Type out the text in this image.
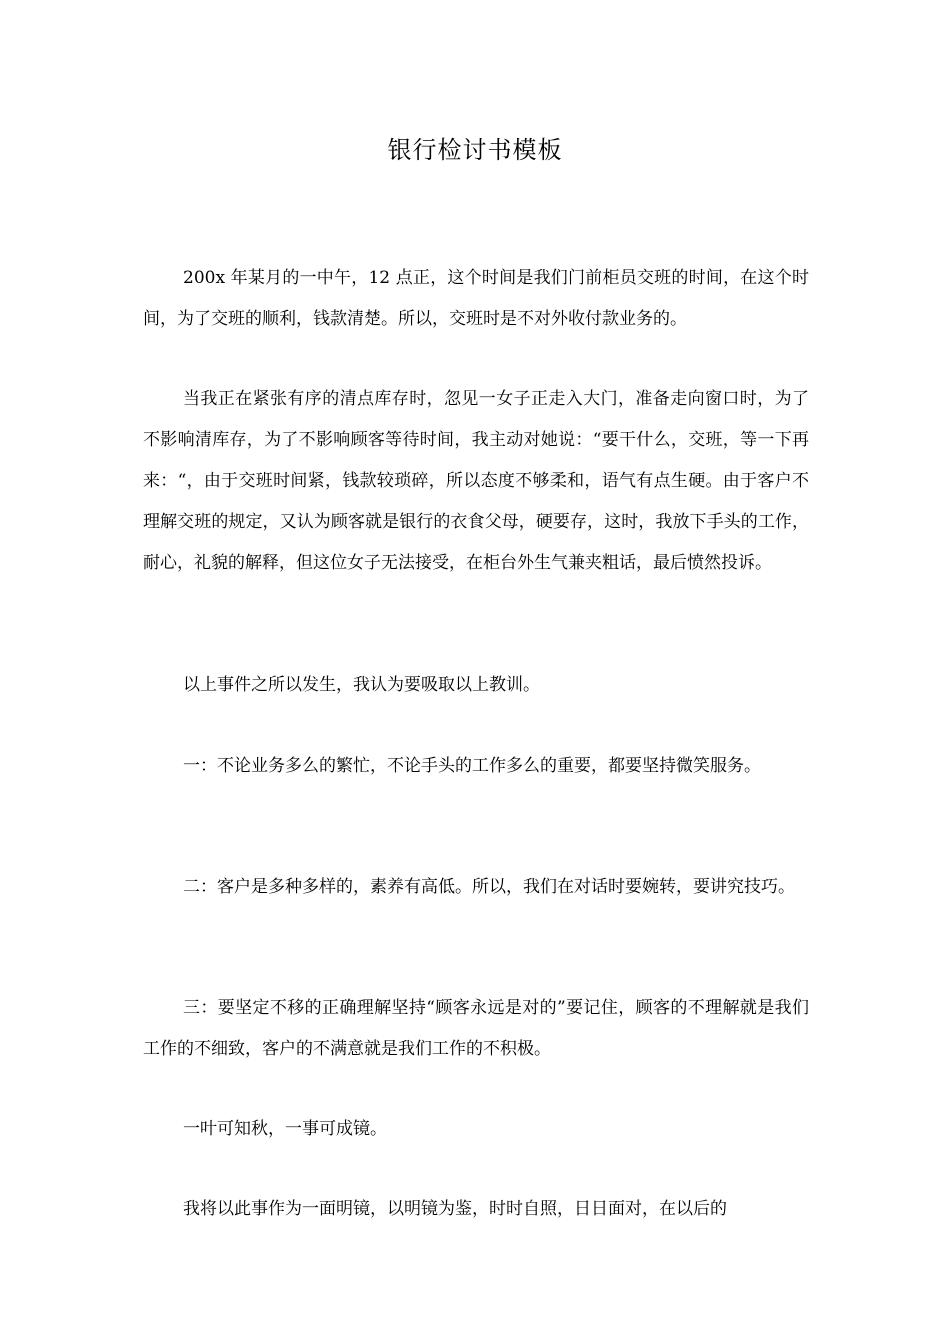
银行检讨书模板

200x 年某月的一中午，12 点正，这个时间是我们门前柜员交班的时间，在这个时间，为了交班的顺利，钱款清楚。所以，交班时是不对外收付款业务的。

当我正在紧张有序的清点库存时，忽见一女子正走入大门，准备走向窗口时，为了不影响清库存，为了不影响顾客等待时间，我主动对她说：“要干什么，交班，等一下再来：“，由于交班时间紧，钱款较琐碎，所以态度不够柔和，语气有点生硬。由于客户不理解交班的规定，又认为顾客就是银行的衣食父母，硬要存，这时，我放下手头的工作，耐心，礼貌的解释，但这位女子无法接受，在柜台外生气兼夹粗话，最后愤然投诉。

以上事件之所以发生，我认为要吸取以上教训。

一：不论业务多么的繁忙，不论手头的工作多么的重要，都要坚持微笑服务。

二：客户是多种多样的，素养有高低。所以，我们在对话时要婉转，要讲究技巧。

三：要坚定不移的正确理解坚持“顾客永远是对的”要记住，顾客的不理解就是我们工作的不细致，客户的不满意就是我们工作的不积极。

一叶可知秋，一事可成镜。

我将以此事作为一面明镜，以明镜为鉴，时时自照，日日面对，在以后的
